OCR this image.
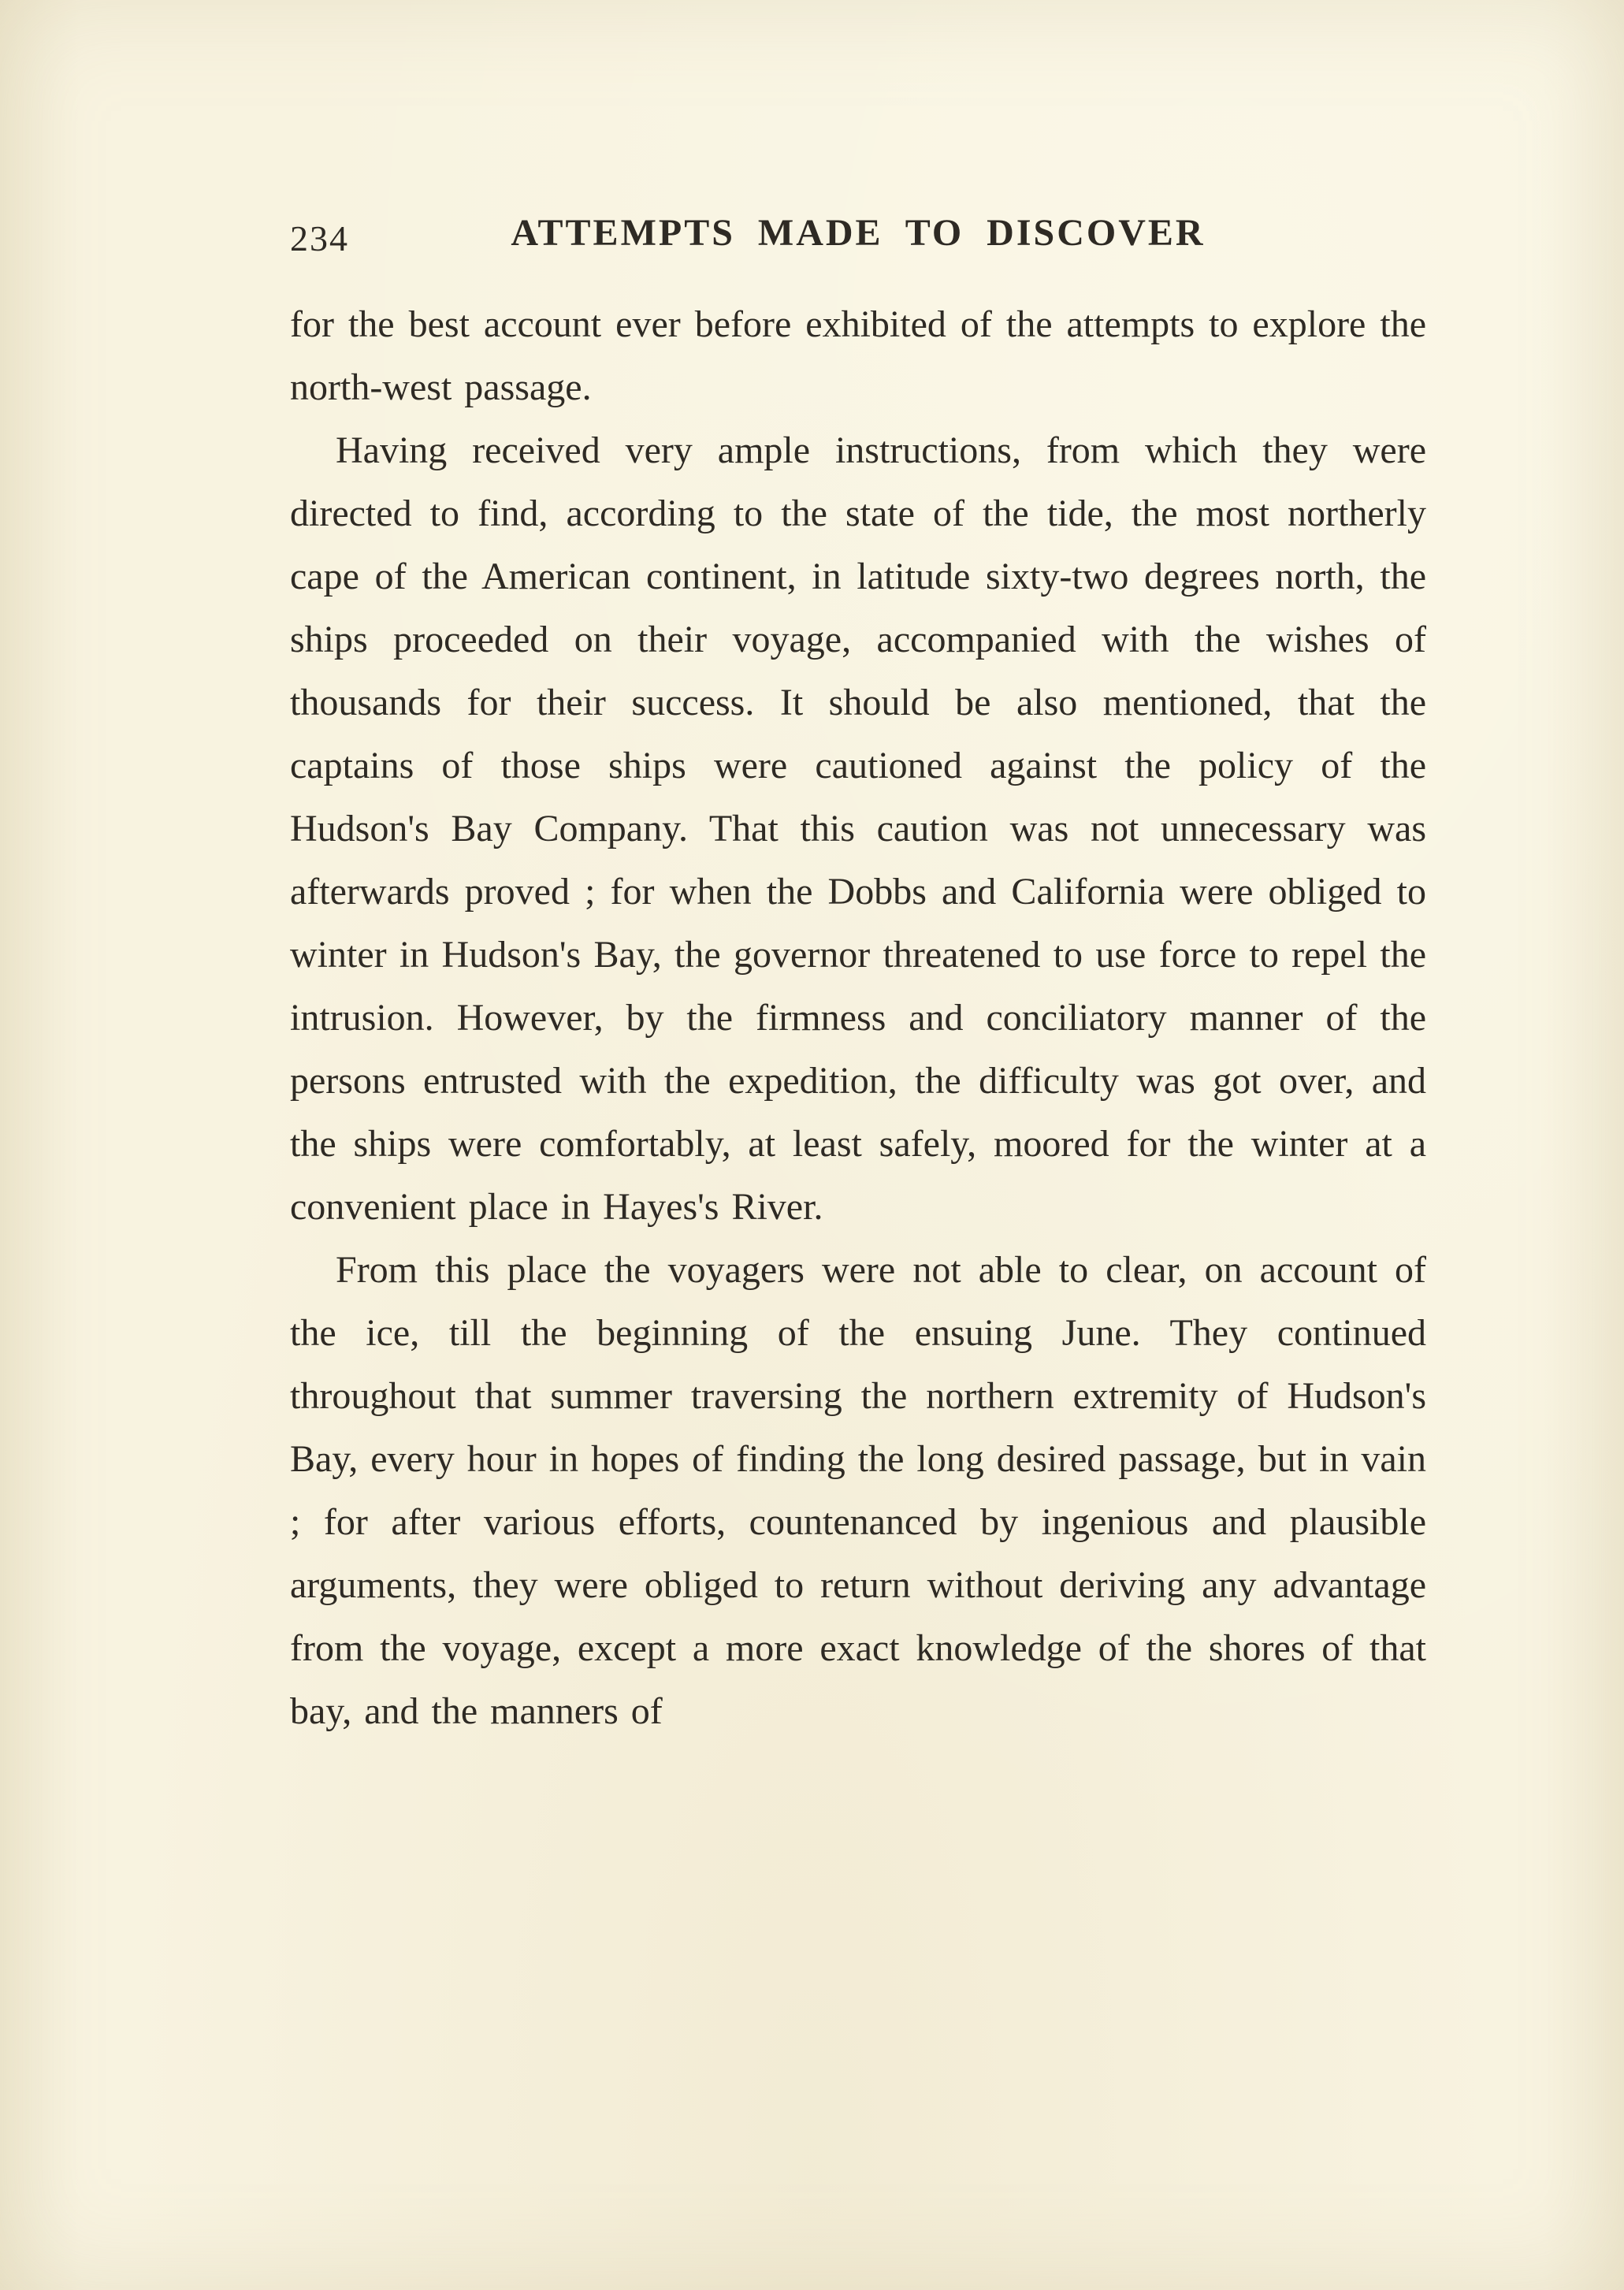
234	ATTEMPTS MADE TO DISCOVER

for the best account ever before exhibited of the attempts to explore the north-west passage.

Having received very ample instructions, from which they were directed to find, according to the state of the tide, the most northerly cape of the American continent, in latitude sixty-two degrees north, the ships proceeded on their voyage, accompanied with the wishes of thousands for their success. It should be also mentioned, that the captains of those ships were cautioned against the policy of the Hudson's Bay Company. That this caution was not unnecessary was afterwards proved ; for when the Dobbs and California were obliged to winter in Hudson's Bay, the governor threatened to use force to repel the intrusion. However, by the firmness and conciliatory manner of the persons entrusted with the expedition, the difficulty was got over, and the ships were comfortably, at least safely, moored for the winter at a convenient place in Hayes's River.

From this place the voyagers were not able to clear, on account of the ice, till the beginning of the ensuing June. They continued throughout that summer traversing the northern extremity of Hudson's Bay, every hour in hopes of finding the long desired passage, but in vain ; for after various efforts, countenanced by ingenious and plausible arguments, they were obliged to return without deriving any advantage from the voyage, except a more exact knowledge of the shores of that bay, and the manners of
